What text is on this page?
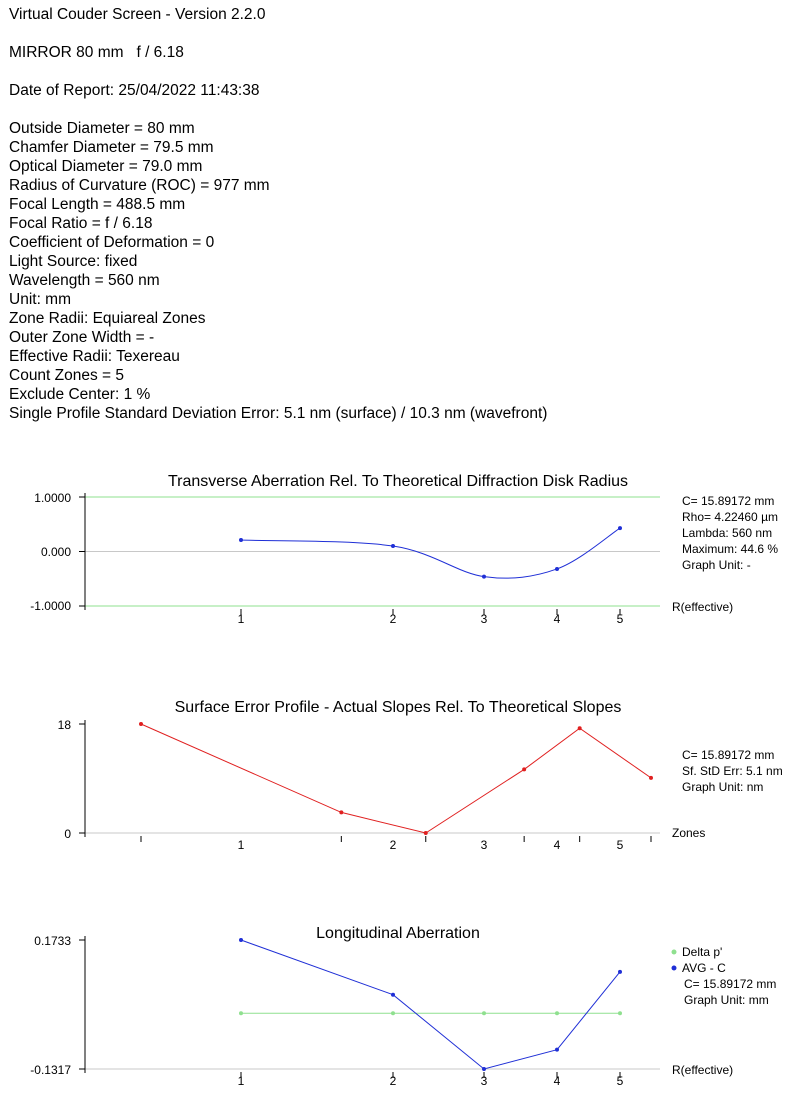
Virtual Couder Screen - Version 2.2.0
MIRROR 80 mm   f / 6.18
Date of Report: 25/04/2022 11:43:38
Outside Diameter = 80 mm
Chamfer Diameter = 79.5 mm
Optical Diameter = 79.0 mm
Radius of Curvature (ROC) = 977 mm
Focal Length = 488.5 mm
Focal Ratio = f / 6.18
Coefficient of Deformation = 0
Light Source: fixed
Wavelength = 560 nm
Unit: mm
Zone Radii: Equiareal Zones
Outer Zone Width = -
Effective Radii: Texereau
Count Zones = 5
Exclude Center: 1 %
Single Profile Standard Deviation Error: 5.1 nm (surface) / 10.3 nm (wavefront)
Transverse Aberration Rel. To Theoretical Diffraction Disk Radius
1.0000
0.000
-1.0000
1	2	3	4	5
R(effective)
C= 15.89172 mm
Rho= 4.22460 µm
Lambda: 560 nm
Maximum: 44.6 %
Graph Unit: -
Surface Error Profile - Actual Slopes Rel. To Theoretical Slopes
18
0
1	2	3	4	5
Zones
C= 15.89172 mm
Sf. StD Err: 5.1 nm
Graph Unit: nm
Longitudinal Aberration
0.1733
-0.1317
1	2	3	4	5
R(effective)
Delta p'
AVG - C
C= 15.89172 mm
Graph Unit: mm
